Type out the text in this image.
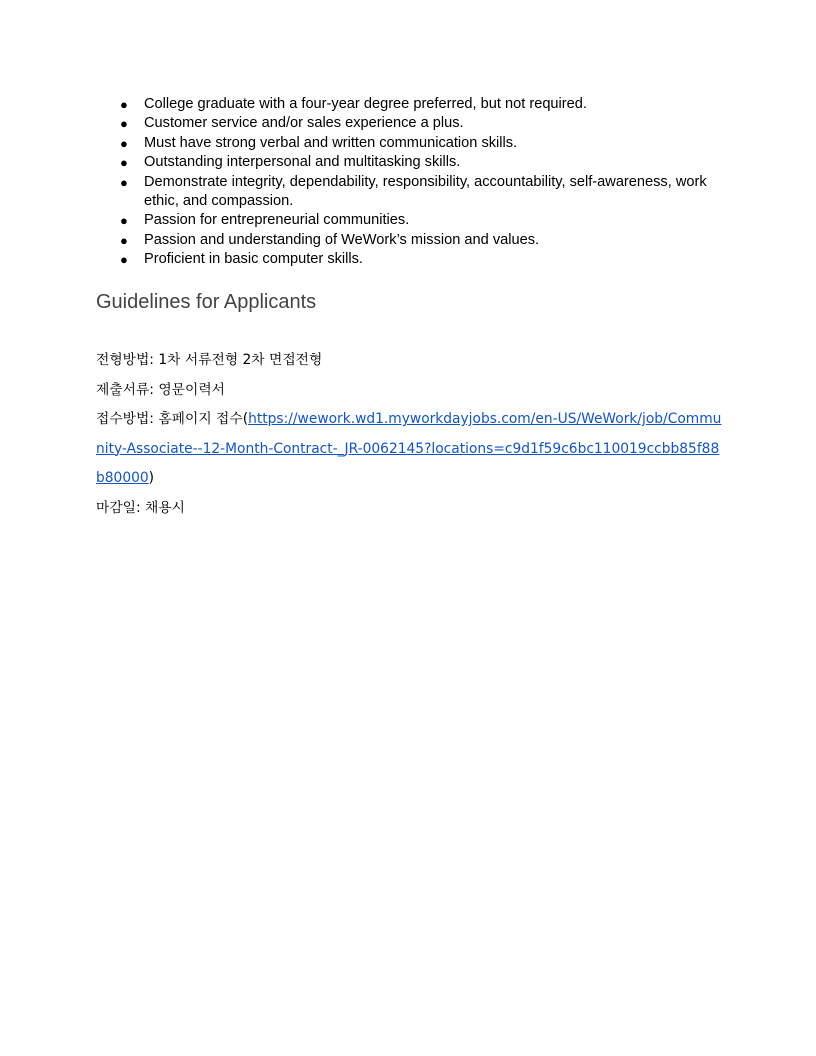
● College graduate with a four-year degree preferred, but not required.
● Customer service and/or sales experience a plus.
● Must have strong verbal and written communication skills.
● Outstanding interpersonal and multitasking skills.
● Demonstrate integrity, dependability, responsibility, accountability, self-awareness, work ethic, and compassion.
● Passion for entrepreneurial communities.
● Passion and understanding of WeWork’s mission and values.
● Proficient in basic computer skills.
Guidelines for Applicants
전형방법: 1차 서류전형 2차 면접전형
제출서류: 영문이력서
접수방법: 홈페이지 접수(https://wework.wd1.myworkdayjobs.com/en-US/WeWork/job/Community-Associate--12-Month-Contract-_JR-0062145?locations=c9d1f59c6bc110019ccbb85f88b80000)
마감일: 채용시
